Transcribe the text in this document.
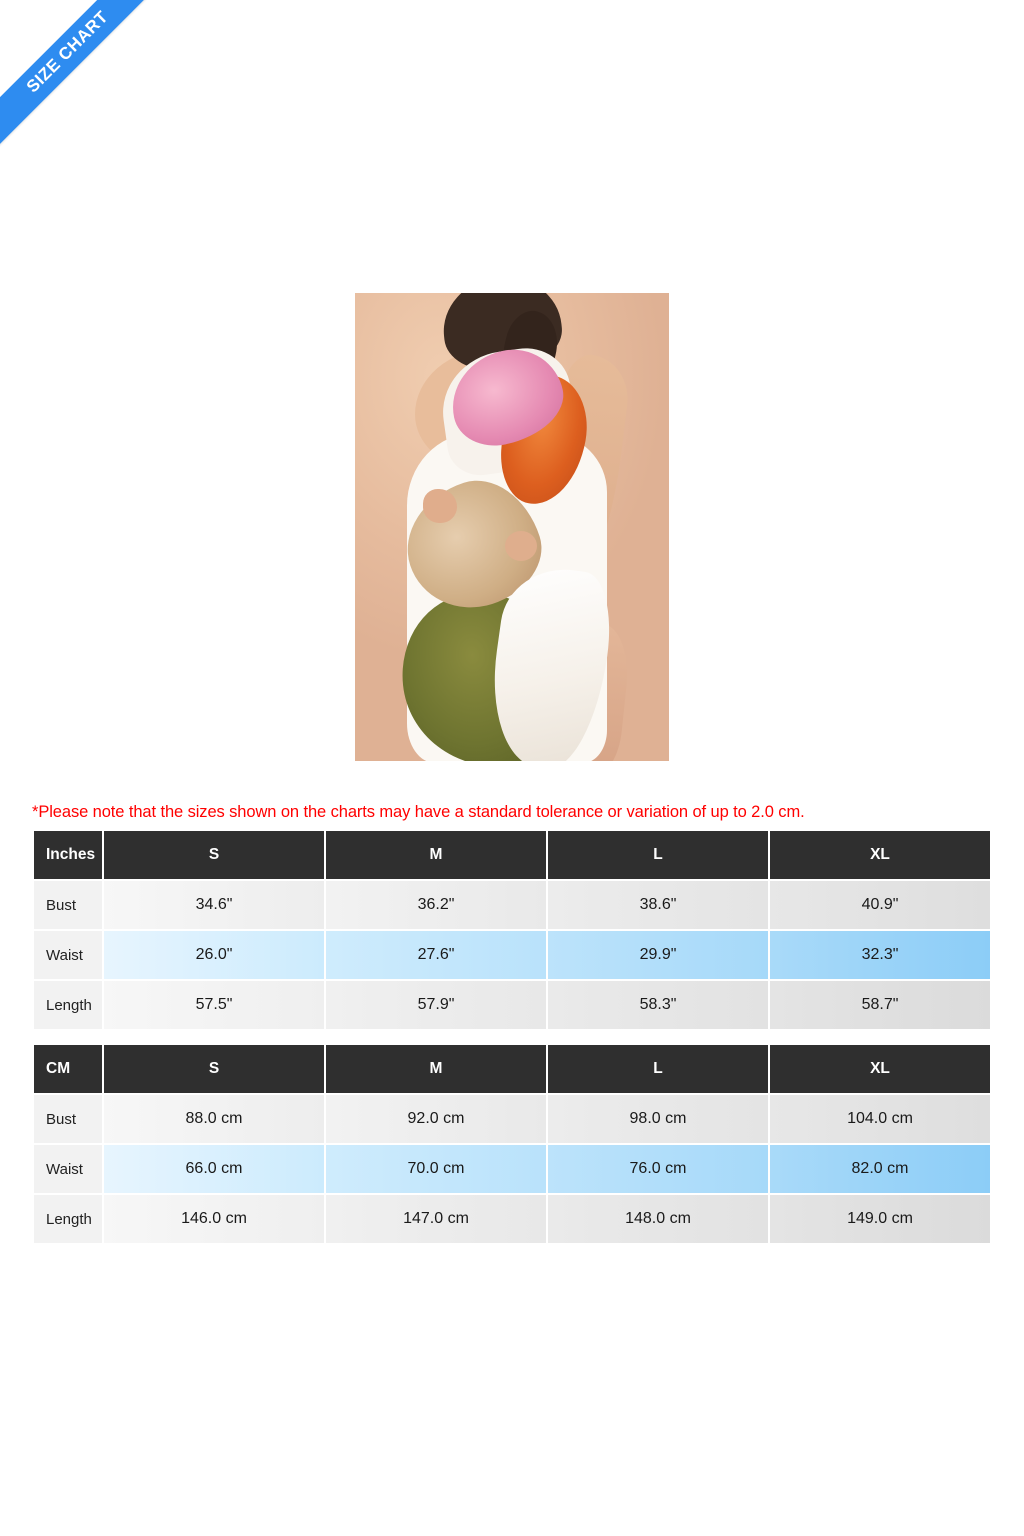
SIZE CHART

*Please note that the sizes shown on the charts may have a standard tolerance or variation of up to 2.0 cm.

Inches	S	M	L	XL
Bust	34.6"	36.2"	38.6"	40.9"
Waist	26.0"	27.6"	29.9"	32.3"
Length	57.5"	57.9"	58.3"	58.7"
CM	S	M	L	XL
Bust	88.0 cm	92.0 cm	98.0 cm	104.0 cm
Waist	66.0 cm	70.0 cm	76.0 cm	82.0 cm
Length	146.0 cm	147.0 cm	148.0 cm	149.0 cm
